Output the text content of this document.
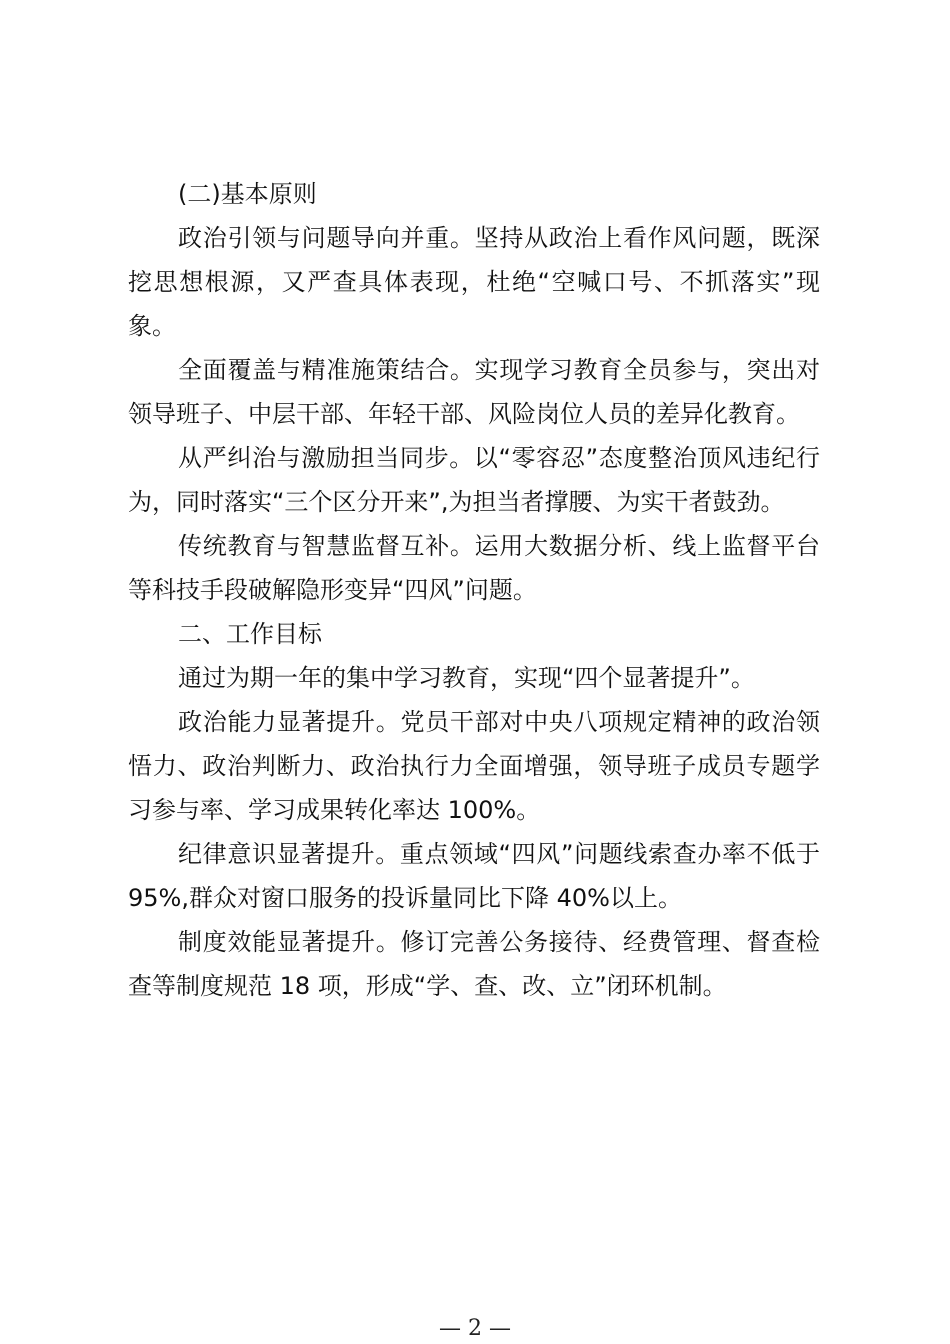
(二)基本原则

政治引领与问题导向并重。坚持从政治上看作风问题，既深挖思想根源，又严查具体表现，杜绝“空喊口号、不抓落实”现象。

全面覆盖与精准施策结合。实现学习教育全员参与，突出对领导班子、中层干部、年轻干部、风险岗位人员的差异化教育。

从严纠治与激励担当同步。以“零容忍”态度整治顶风违纪行为，同时落实“三个区分开来”,为担当者撑腰、为实干者鼓劲。

传统教育与智慧监督互补。运用大数据分析、线上监督平台等科技手段破解隐形变异“四风”问题。

二、工作目标

通过为期一年的集中学习教育，实现“四个显著提升”。

政治能力显著提升。党员干部对中央八项规定精神的政治领悟力、政治判断力、政治执行力全面增强，领导班子成员专题学习参与率、学习成果转化率达 100%。

纪律意识显著提升。重点领域“四风”问题线索查办率不低于 95%,群众对窗口服务的投诉量同比下降 40%以上。

制度效能显著提升。修订完善公务接待、经费管理、督查检查等制度规范 18 项，形成“学、查、改、立”闭环机制。

— 2 —
